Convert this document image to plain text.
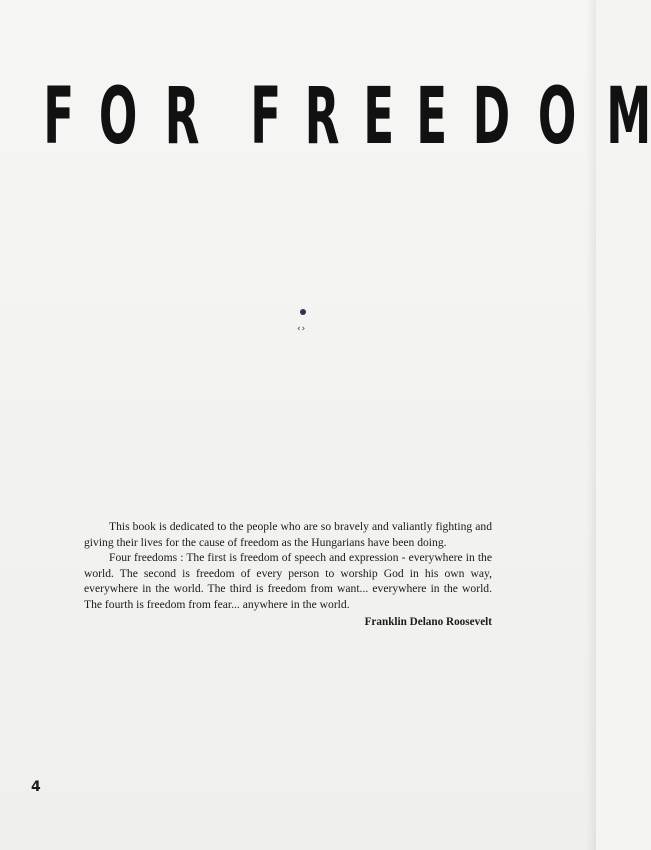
F O R
F R E E D O M
‹›

This book is dedicated to the people who are so bravely and valiantly fighting and giving their lives for the cause of freedom as the Hungarians have been doing.

Four freedoms : The first is freedom of speech and expression - everywhere in the world. The second is freedom of every person to worship God in his own way, everywhere in the world. The third is freedom from want... everywhere in the world. The fourth is freedom from fear... anywhere in the world.

Franklin Delano Roosevelt
4
